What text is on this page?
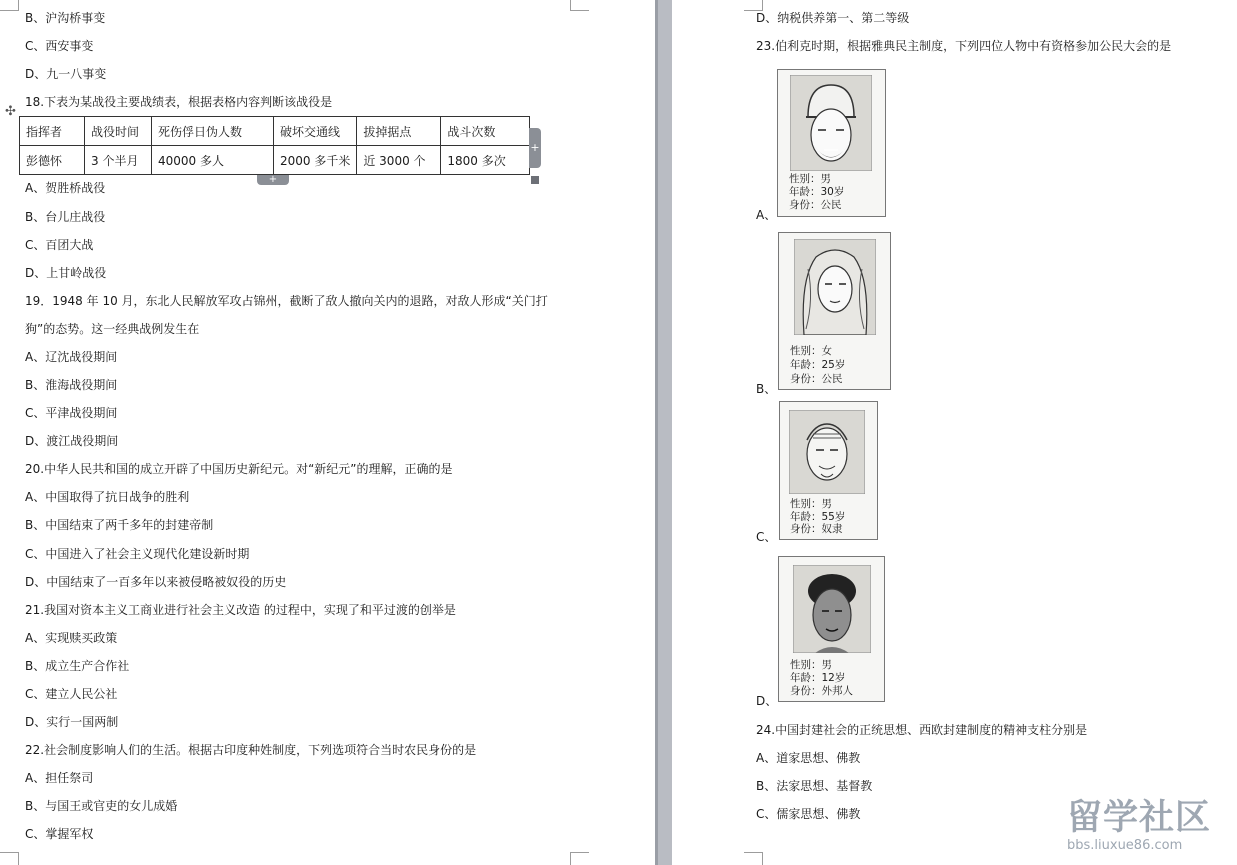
B、沪沟桥事变
C、西安事变
D、九一八事变
18.下表为某战役主要战绩表，根据表格内容判断该战役是
✣
指挥者	战役时间	死伤俘日伪人数	破坏交通线	拔掉据点	战斗次数
彭德怀	3 个半月	40000 多人	2000 多千米	近 3000 个	1800 多次
+
+
A、贺胜桥战役
B、台儿庄战役
C、百团大战
D、上甘岭战役
19．1948 年 10 月，东北人民解放军攻占锦州，截断了敌人撤向关内的退路，对敌人形成“关门打
狗”的态势。这一经典战例发生在
A、辽沈战役期间
B、淮海战役期间
C、平津战役期间
D、渡江战役期间
20.中华人民共和国的成立开辟了中国历史新纪元。对“新纪元”的理解，正确的是
A、中国取得了抗日战争的胜利
B、中国结束了两千多年的封建帝制
C、中国进入了社会主义现代化建设新时期
D、中国结束了一百多年以来被侵略被奴役的历史
21.我国对资本主义工商业进行社会主义改造 的过程中，实现了和平过渡的创举是
A、实现赎买政策
B、成立生产合作社
C、建立人民公社
D、实行一国两制
22.社会制度影响人们的生活。根据古印度种姓制度，下列选项符合当时农民身份的是
A、担任祭司
B、与国王或官吏的女儿成婚
C、掌握军权
D、纳税供养第一、第二等级
23.伯利克时期，根据雅典民主制度，下列四位人物中有资格参加公民大会的是
性别：男
年龄：30岁
身份：公民
A、
性别：女
年龄：25岁
身份：公民
B、
性别：男
年龄：55岁
身份：奴隶
C、
性别：男
年龄：12岁
身份：外邦人
D、
24.中国封建社会的正统思想、西欧封建制度的精神支柱分别是
A、道家思想、佛教
B、法家思想、基督教
C、儒家思想、佛教	留学社区
bbs.liuxue86.com
